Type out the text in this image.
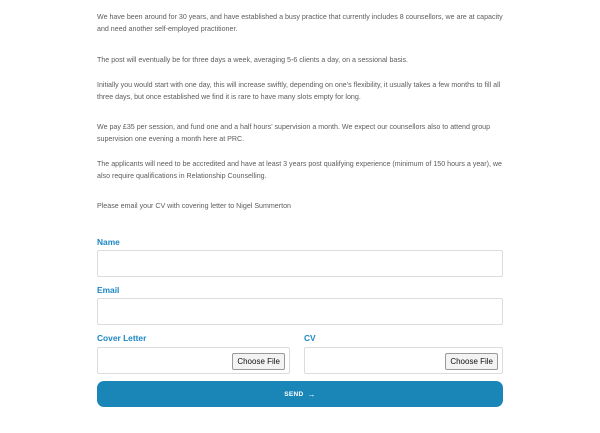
We have been around for 30 years, and have established a busy practice that currently includes 8 counsellors, we are at capacity and need another self-employed practitioner.

The post will eventually be for three days a week, averaging 5-6 clients a day, on a sessional basis.

Initially you would start with one day, this will increase swiftly, depending on one’s flexibility, it usually takes a few months to fill all three days, but once established we find it is rare to have many slots empty for long.

We pay £35 per session, and fund one and a half hours’ supervision a month. We expect our counsellors also to attend group supervision one evening a month here at PRC.

The applicants will need to be accredited and have at least 3 years post qualifying experience (minimum of 150 hours a year), we also require qualifications in Relationship Counselling.

Please email your CV with covering letter to Nigel Summerton

Name
Email
Cover Letter
Choose File
CV
Choose File
SEND →
